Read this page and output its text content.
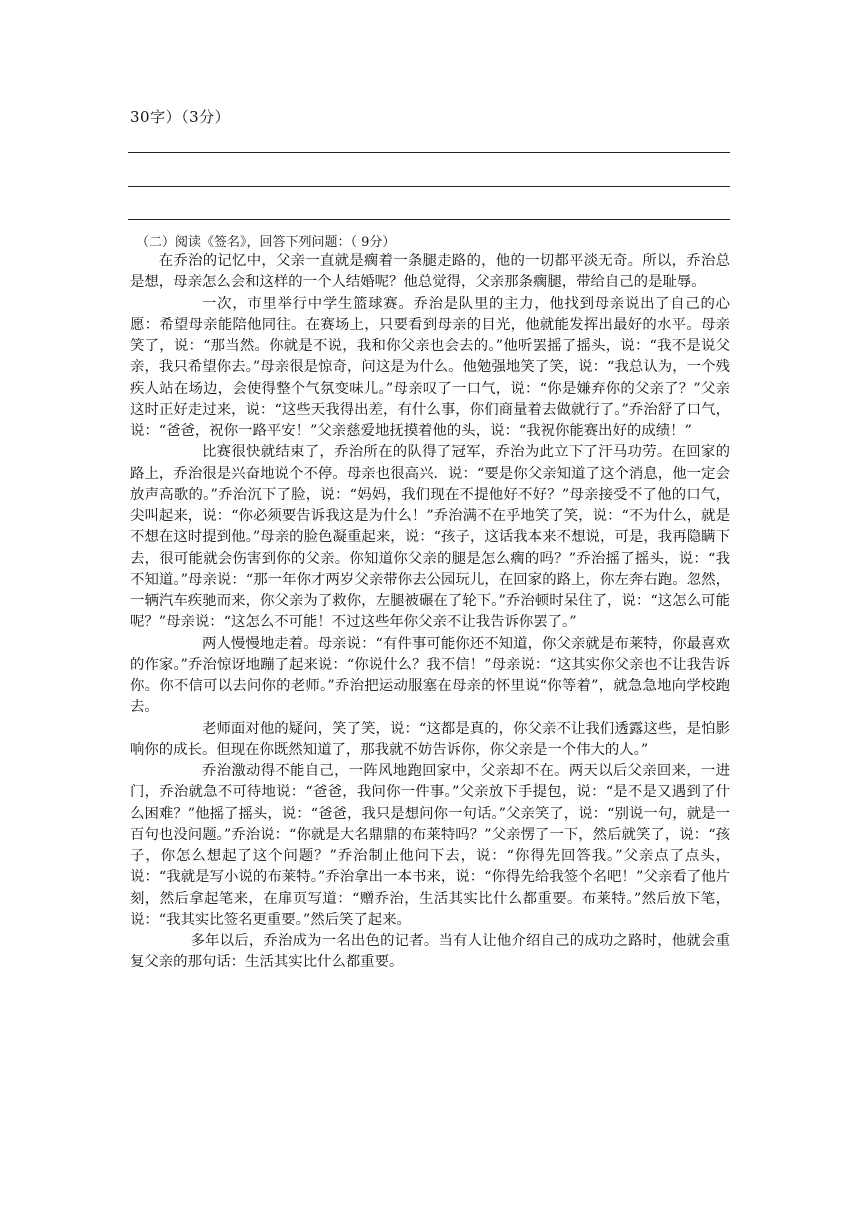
30字）（3分）
（二）阅读《签名》，回答下列问题：（ 9分）

在乔治的记忆中，父亲一直就是瘸着一条腿走路的，他的一切都平淡无奇。所以，乔治总是想，母亲怎么会和这样的一个人结婚呢？他总觉得，父亲那条瘸腿，带给自己的是耻辱。

一次，市里举行中学生篮球赛。乔治是队里的主力，他找到母亲说出了自己的心愿：希望母亲能陪他同往。在赛场上，只要看到母亲的目光，他就能发挥出最好的水平。母亲笑了，说：“那当然。你就是不说，我和你父亲也会去的。”他听罢摇了摇头，说：“我不是说父亲，我只希望你去。”母亲很是惊奇，问这是为什么。他勉强地笑了笑，说：“我总认为，一个残疾人站在场边，会使得整个气氛变味儿。”母亲叹了一口气，说：“你是嫌弃你的父亲了？”父亲这时正好走过来，说：“这些天我得出差，有什么事，你们商量着去做就行了。”乔治舒了口气，说：“爸爸，祝你一路平安！”父亲慈爱地抚摸着他的头，说：“我祝你能赛出好的成绩！”

比赛很快就结束了，乔治所在的队得了冠军，乔治为此立下了汗马功劳。在回家的路上，乔治很是兴奋地说个不停。母亲也很高兴．说：“要是你父亲知道了这个消息，他一定会放声高歌的。”乔治沉下了脸，说：“妈妈，我们现在不提他好不好？”母亲接受不了他的口气，尖叫起来，说：“你必须要告诉我这是为什么！”乔治满不在乎地笑了笑，说：“不为什么，就是不想在这时提到他。”母亲的脸色凝重起来，说：“孩子，这话我本来不想说，可是，我再隐瞒下去，很可能就会伤害到你的父亲。你知道你父亲的腿是怎么瘸的吗？”乔治摇了摇头，说：“我不知道。”母亲说：“那一年你才两岁父亲带你去公园玩儿，在回家的路上，你左奔右跑。忽然，一辆汽车疾驰而来，你父亲为了救你，左腿被碾在了轮下。”乔治顿时呆住了，说：“这怎么可能呢？”母亲说：“这怎么不可能！不过这些年你父亲不让我告诉你罢了。”

两人慢慢地走着。母亲说：“有件事可能你还不知道，你父亲就是布莱特，你最喜欢的作家。”乔治惊讶地蹦了起来说：“你说什么？我不信！”母亲说：“这其实你父亲也不让我告诉你。你不信可以去问你的老师。”乔治把运动服塞在母亲的怀里说“你等着”，就急急地向学校跑去。

老师面对他的疑问，笑了笑，说：“这都是真的，你父亲不让我们透露这些，是怕影响你的成长。但现在你既然知道了，那我就不妨告诉你，你父亲是一个伟大的人。”

乔治激动得不能自己，一阵风地跑回家中，父亲却不在。两天以后父亲回来，一进门，乔治就急不可待地说：“爸爸，我问你一件事。”父亲放下手提包，说：“是不是又遇到了什么困难？”他摇了摇头，说：“爸爸，我只是想问你一句话。”父亲笑了，说：“别说一句，就是一百句也没问题。”乔治说：“你就是大名鼎鼎的布莱特吗？”父亲愣了一下，然后就笑了，说：“孩子，你怎么想起了这个问题？”乔治制止他问下去，说：“你得先回答我。”父亲点了点头，说：“我就是写小说的布莱特。”乔治拿出一本书来，说：“你得先给我签个名吧！”父亲看了他片刻，然后拿起笔来，在扉页写道：“赠乔治，生活其实比什么都重要。布莱特。”然后放下笔，说：“我其实比签名更重要。”然后笑了起来。

多年以后，乔治成为一名出色的记者。当有人让他介绍自己的成功之路时，他就会重复父亲的那句话：生活其实比什么都重要。
